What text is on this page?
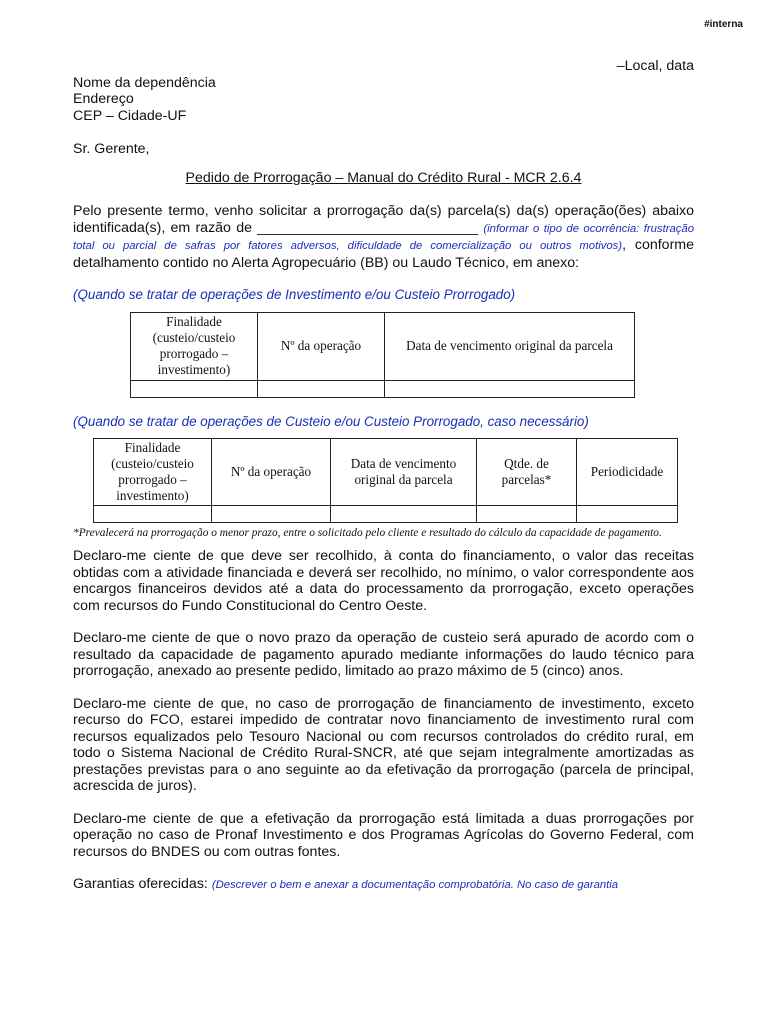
#interna
–Local, data
Nome da dependência
Endereço
CEP – Cidade-UF
Sr. Gerente,
Pedido de Prorrogação – Manual do Crédito Rural - MCR 2.6.4
Pelo presente termo, venho solicitar a prorrogação da(s) parcela(s) da(s) operação(ões) abaixo identificada(s), em razão de ____________________________ (informar o tipo de ocorrência: frustração total ou parcial de safras por fatores adversos, dificuldade de comercialização ou outros motivos), conforme detalhamento contido no Alerta Agropecuário (BB) ou Laudo Técnico, em anexo:
(Quando se tratar de operações de Investimento e/ou Custeio Prorrogado)
Finalidade (custeio/custeio prorrogado – investimento)	Nº da operação	Data de vencimento original da parcela

(Quando se tratar de operações de Custeio e/ou Custeio Prorrogado, caso necessário)
Finalidade (custeio/custeio prorrogado – investimento)	Nº da operação	Data de vencimento original da parcela	Qtde. de parcelas*	Periodicidade

*Prevalecerá na prorrogação o menor prazo, entre o solicitado pelo cliente e resultado do cálculo da capacidade de pagamento.
Declaro-me ciente de que deve ser recolhido, à conta do financiamento, o valor das receitas obtidas com a atividade financiada e deverá ser recolhido, no mínimo, o valor correspondente aos encargos financeiros devidos até a data do processamento da prorrogação, exceto operações com recursos do Fundo Constitucional do Centro Oeste.
Declaro-me ciente de que o novo prazo da operação de custeio será apurado de acordo com o resultado da capacidade de pagamento apurado mediante informações do laudo técnico para prorrogação, anexado ao presente pedido, limitado ao prazo máximo de 5 (cinco) anos.
Declaro-me ciente de que, no caso de prorrogação de financiamento de investimento, exceto recurso do FCO, estarei impedido de contratar novo financiamento de investimento rural com recursos equalizados pelo Tesouro Nacional ou com recursos controlados do crédito rural, em todo o Sistema Nacional de Crédito Rural-SNCR, até que sejam integralmente amortizadas as prestações previstas para o ano seguinte ao da efetivação da prorrogação (parcela de principal, acrescida de juros).
Declaro-me ciente de que a efetivação da prorrogação está limitada a duas prorrogações por operação no caso de Pronaf Investimento e dos Programas Agrícolas do Governo Federal, com recursos do BNDES ou com outras fontes.
Garantias oferecidas: (Descrever o bem e anexar a documentação comprobatória. No caso de garantia
